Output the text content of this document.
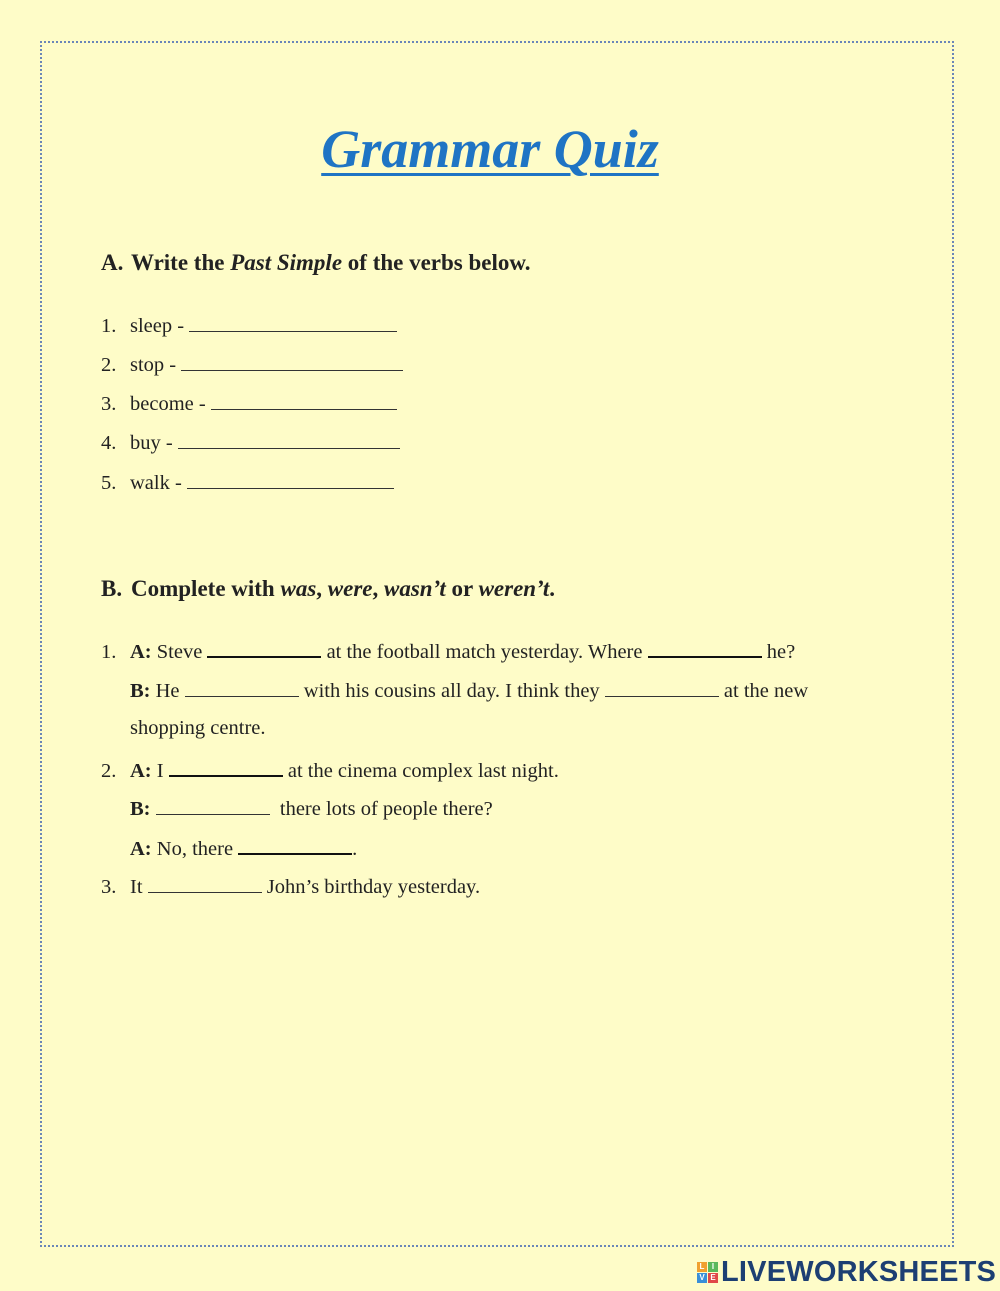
Grammar Quiz
A. Write the Past Simple of the verbs below.
1. sleep -
2. stop -
3. become -
4. buy -
5. walk -
B. Complete with was, were, wasn’t or weren’t.
1. A: Steve	at the football match yesterday. Where	he?
B: He	with his cousins all day. I think they	at the new
shopping centre.
2. A: I	at the cinema complex last night.
B:	there lots of people there?
A: No, there	.
3. It	John’s birthday yesterday.
L I
V E LIVEWORKSHEETS
